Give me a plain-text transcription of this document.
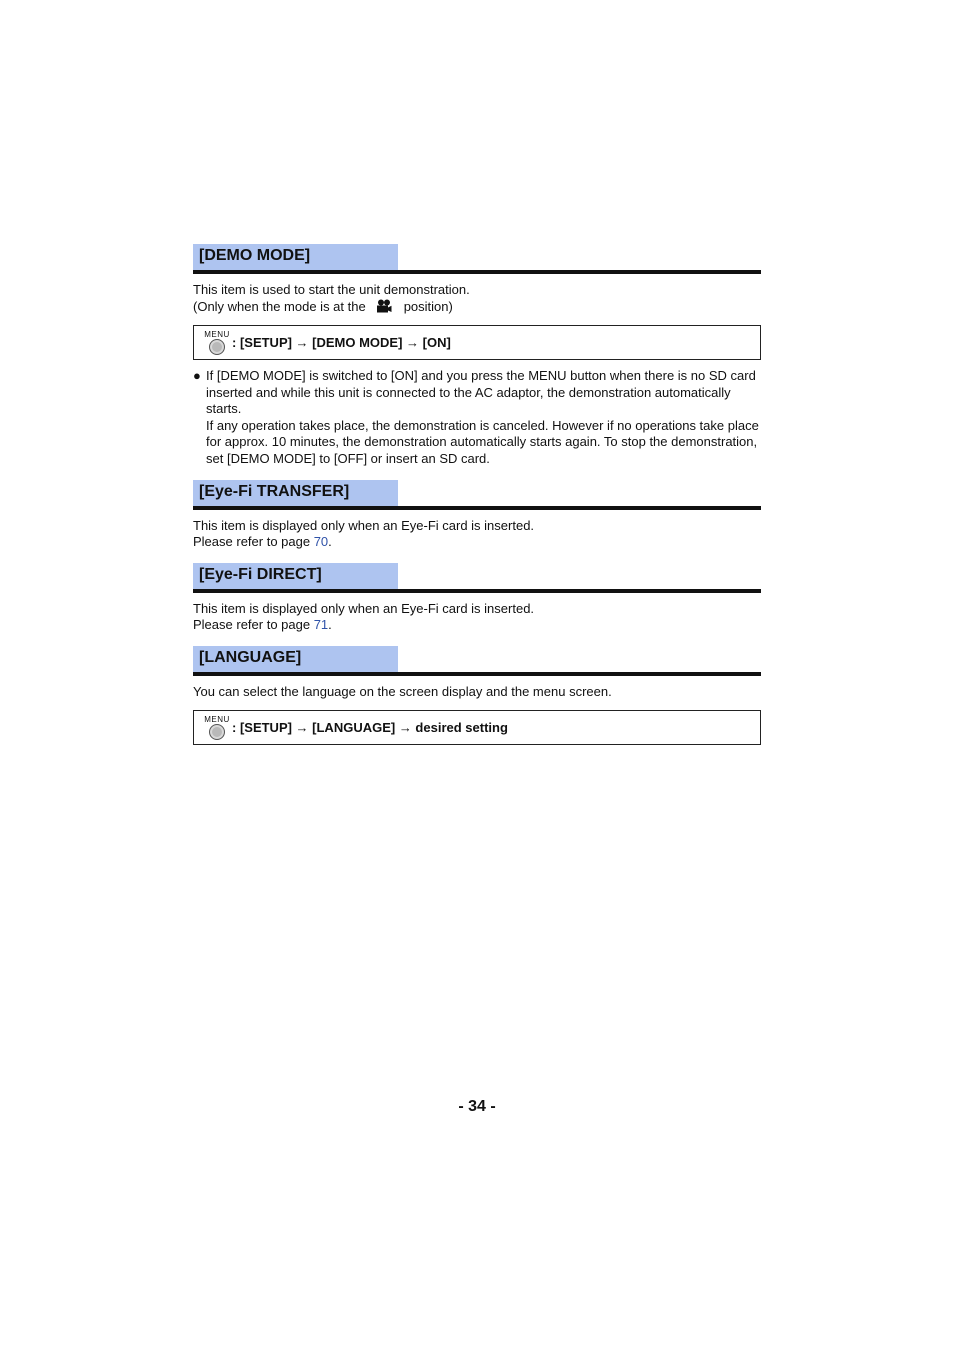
[DEMO MODE]

This item is used to start the unit demonstration.

(Only when the mode is at the	position)

MENU
: [SETUP] → [DEMO MODE] → [ON]
● If [DEMO MODE] is switched to [ON] and you press the MENU button when there is no SD card inserted and while this unit is connected to the AC adaptor, the demonstration automatically starts.
If any operation takes place, the demonstration is canceled. However if no operations take place for approx. 10 minutes, the demonstration automatically starts again. To stop the demonstration, set [DEMO MODE] to [OFF] or insert an SD card.
[Eye-Fi TRANSFER]

This item is displayed only when an Eye-Fi card is inserted.

Please refer to page 70.

[Eye-Fi DIRECT]

This item is displayed only when an Eye-Fi card is inserted.

Please refer to page 71.

[LANGUAGE]

You can select the language on the screen display and the menu screen.

MENU
: [SETUP] → [LANGUAGE] → desired setting
- 34 -
